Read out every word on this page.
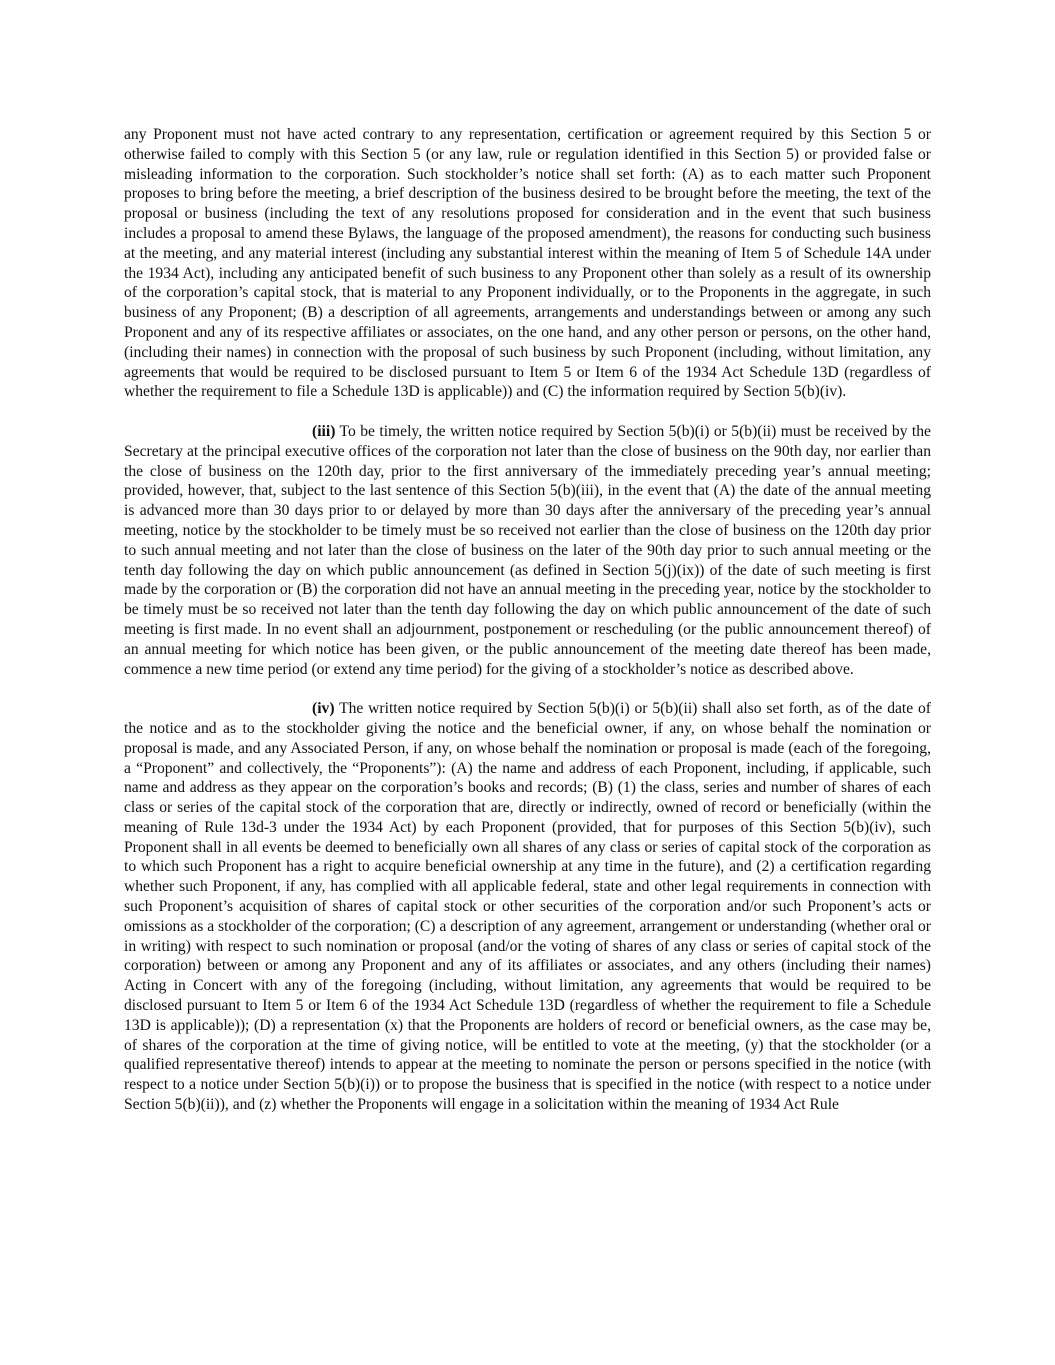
any Proponent must not have acted contrary to any representation, certification or agreement required by this Section 5 or otherwise failed to comply with this Section 5 (or any law, rule or regulation identified in this Section 5) or provided false or misleading information to the corporation. Such stockholder’s notice shall set forth: (A) as to each matter such Proponent proposes to bring before the meeting, a brief description of the business desired to be brought before the meeting, the text of the proposal or business (including the text of any resolutions proposed for consideration and in the event that such business includes a proposal to amend these Bylaws, the language of the proposed amendment), the reasons for conducting such business at the meeting, and any material interest (including any substantial interest within the meaning of Item 5 of Schedule 14A under the 1934 Act), including any anticipated benefit of such business to any Proponent other than solely as a result of its ownership of the corporation’s capital stock, that is material to any Proponent individually, or to the Proponents in the aggregate, in such business of any Proponent; (B) a description of all agreements, arrangements and understandings between or among any such Proponent and any of its respective affiliates or associates, on the one hand, and any other person or persons, on the other hand, (including their names) in connection with the proposal of such business by such Proponent (including, without limitation, any agreements that would be required to be disclosed pursuant to Item 5 or Item 6 of the 1934 Act Schedule 13D (regardless of whether the requirement to file a Schedule 13D is applicable)) and (C) the information required by Section 5(b)(iv).

(iii) To be timely, the written notice required by Section 5(b)(i) or 5(b)(ii) must be received by the Secretary at the principal executive offices of the corporation not later than the close of business on the 90th day, nor earlier than the close of business on the 120th day, prior to the first anniversary of the immediately preceding year’s annual meeting; provided, however, that, subject to the last sentence of this Section 5(b)(iii), in the event that (A) the date of the annual meeting is advanced more than 30 days prior to or delayed by more than 30 days after the anniversary of the preceding year’s annual meeting, notice by the stockholder to be timely must be so received not earlier than the close of business on the 120th day prior to such annual meeting and not later than the close of business on the later of the 90th day prior to such annual meeting or the tenth day following the day on which public announcement (as defined in Section 5(j)(ix)) of the date of such meeting is first made by the corporation or (B) the corporation did not have an annual meeting in the preceding year, notice by the stockholder to be timely must be so received not later than the tenth day following the day on which public announcement of the date of such meeting is first made. In no event shall an adjournment, postponement or rescheduling (or the public announcement thereof) of an annual meeting for which notice has been given, or the public announcement of the meeting date thereof has been made, commence a new time period (or extend any time period) for the giving of a stockholder’s notice as described above.

(iv) The written notice required by Section 5(b)(i) or 5(b)(ii) shall also set forth, as of the date of the notice and as to the stockholder giving the notice and the beneficial owner, if any, on whose behalf the nomination or proposal is made, and any Associated Person, if any, on whose behalf the nomination or proposal is made (each of the foregoing, a “Proponent” and collectively, the “Proponents”): (A) the name and address of each Proponent, including, if applicable, such name and address as they appear on the corporation’s books and records; (B) (1) the class, series and number of shares of each class or series of the capital stock of the corporation that are, directly or indirectly, owned of record or beneficially (within the meaning of Rule 13d-3 under the 1934 Act) by each Proponent (provided, that for purposes of this Section 5(b)(iv), such Proponent shall in all events be deemed to beneficially own all shares of any class or series of capital stock of the corporation as to which such Proponent has a right to acquire beneficial ownership at any time in the future), and (2) a certification regarding whether such Proponent, if any, has complied with all applicable federal, state and other legal requirements in connection with such Proponent’s acquisition of shares of capital stock or other securities of the corporation and/or such Proponent’s acts or omissions as a stockholder of the corporation; (C) a description of any agreement, arrangement or understanding (whether oral or in writing) with respect to such nomination or proposal (and/or the voting of shares of any class or series of capital stock of the corporation) between or among any Proponent and any of its affiliates or associates, and any others (including their names) Acting in Concert with any of the foregoing (including, without limitation, any agreements that would be required to be disclosed pursuant to Item 5 or Item 6 of the 1934 Act Schedule 13D (regardless of whether the requirement to file a Schedule 13D is applicable)); (D) a representation (x) that the Proponents are holders of record or beneficial owners, as the case may be, of shares of the corporation at the time of giving notice, will be entitled to vote at the meeting, (y) that the stockholder (or a qualified representative thereof) intends to appear at the meeting to nominate the person or persons specified in the notice (with respect to a notice under Section 5(b)(i)) or to propose the business that is specified in the notice (with respect to a notice under Section 5(b)(ii)), and (z) whether the Proponents will engage in a solicitation within the meaning of 1934 Act Rule
